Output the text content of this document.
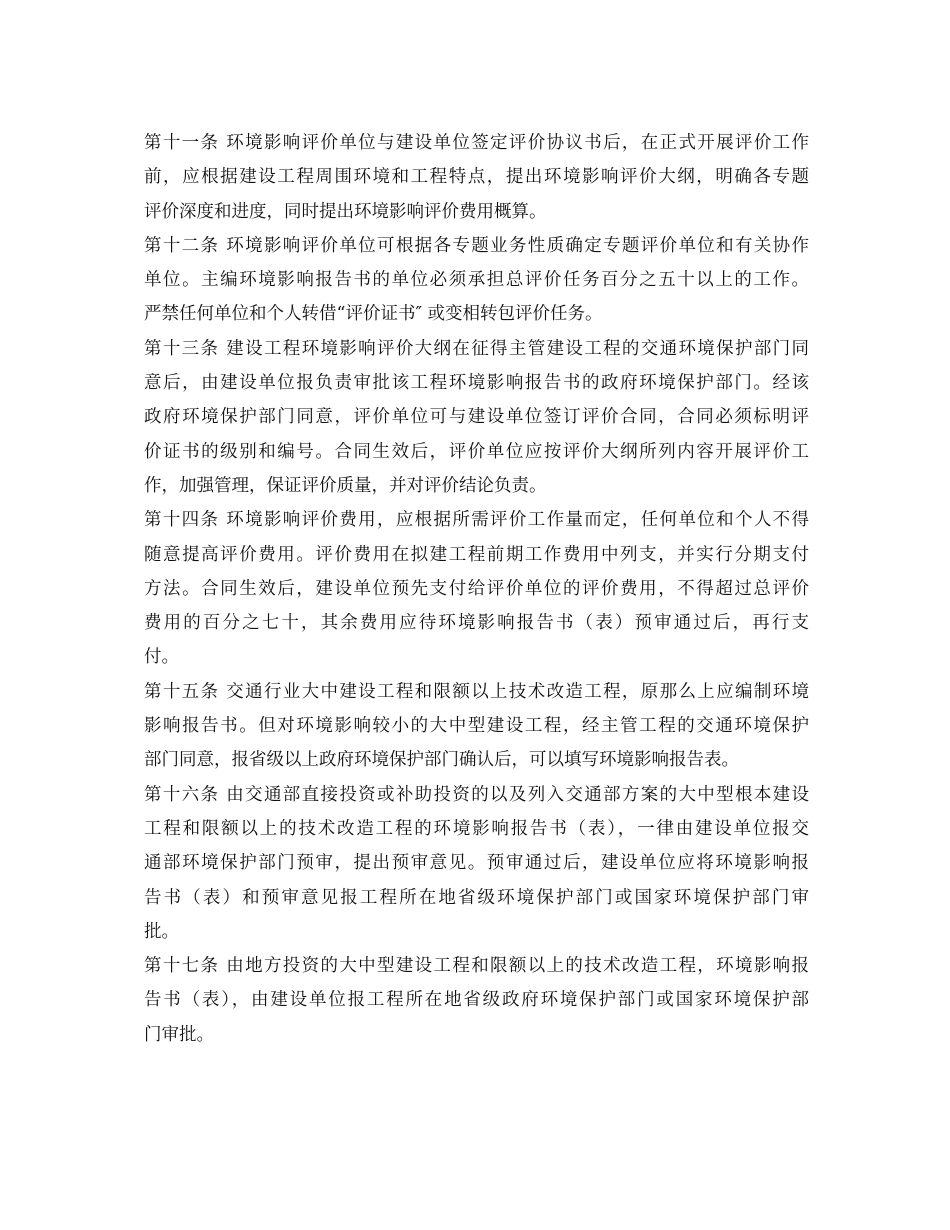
第十一条 环境影响评价单位与建设单位签定评价协议书后，在正式开展评价工作
前，应根据建设工程周围环境和工程特点，提出环境影响评价大纲，明确各专题
评价深度和进度，同时提出环境影响评价费用概算。
第十二条 环境影响评价单位可根据各专题业务性质确定专题评价单位和有关协作
单位。主编环境影响报告书的单位必须承担总评价任务百分之五十以上的工作。
严禁任何单位和个人转借“评价证书″ 或变相转包评价任务。
第十三条 建设工程环境影响评价大纲在征得主管建设工程的交通环境保护部门同
意后，由建设单位报负责审批该工程环境影响报告书的政府环境保护部门。经该
政府环境保护部门同意，评价单位可与建设单位签订评价合同，合同必须标明评
价证书的级别和编号。合同生效后，评价单位应按评价大纲所列内容开展评价工
作，加强管理，保证评价质量，并对评价结论负责。
第十四条 环境影响评价费用，应根据所需评价工作量而定，任何单位和个人不得
随意提高评价费用。评价费用在拟建工程前期工作费用中列支，并实行分期支付
方法。合同生效后，建设单位预先支付给评价单位的评价费用，不得超过总评价
费用的百分之七十，其余费用应待环境影响报告书（表）预审通过后，再行支
付。
第十五条 交通行业大中建设工程和限额以上技术改造工程，原那么上应编制环境
影响报告书。但对环境影响较小的大中型建设工程，经主管工程的交通环境保护
部门同意，报省级以上政府环境保护部门确认后，可以填写环境影响报告表。
第十六条 由交通部直接投资或补助投资的以及列入交通部方案的大中型根本建设
工程和限额以上的技术改造工程的环境影响报告书（表），一律由建设单位报交
通部环境保护部门预审，提出预审意见。预审通过后，建设单位应将环境影响报
告书（表）和预审意见报工程所在地省级环境保护部门或国家环境保护部门审
批。
第十七条 由地方投资的大中型建设工程和限额以上的技术改造工程，环境影响报
告书（表），由建设单位报工程所在地省级政府环境保护部门或国家环境保护部
门审批。
